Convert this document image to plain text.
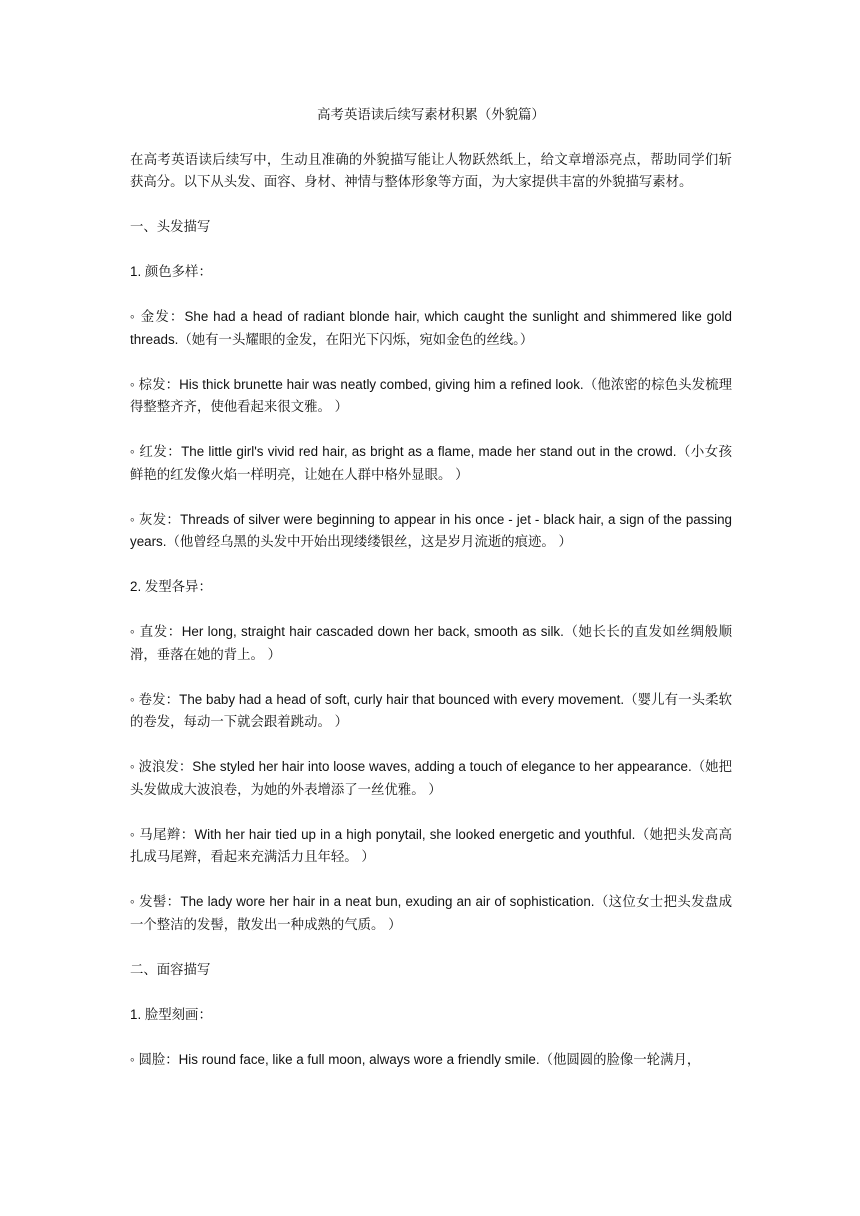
高考英语读后续写素材积累（外貌篇）
在高考英语读后续写中，生动且准确的外貌描写能让人物跃然纸上，给文章增添亮点，帮助同学们斩获高分。以下从头发、面容、身材、神情与整体形象等方面，为大家提供丰富的外貌描写素材。
一、头发描写
1. 颜色多样：
◦ 金发：She had a head of radiant blonde hair, which caught the sunlight and shimmered like gold threads.（她有一头耀眼的金发，在阳光下闪烁，宛如金色的丝线。）
◦ 棕发：His thick brunette hair was neatly combed, giving him a refined look.（他浓密的棕色头发梳理得整整齐齐，使他看起来很文雅。 ）
◦ 红发：The little girl's vivid red hair, as bright as a flame, made her stand out in the crowd.（小女孩鲜艳的红发像火焰一样明亮，让她在人群中格外显眼。 ）
◦ 灰发：Threads of silver were beginning to appear in his once - jet - black hair, a sign of the passing years.（他曾经乌黑的头发中开始出现缕缕银丝，这是岁月流逝的痕迹。 ）
2. 发型各异：
◦ 直发：Her long, straight hair cascaded down her back, smooth as silk.（她长长的直发如丝绸般顺滑，垂落在她的背上。 ）
◦ 卷发：The baby had a head of soft, curly hair that bounced with every movement.（婴儿有一头柔软的卷发，每动一下就会跟着跳动。 ）
◦ 波浪发：She styled her hair into loose waves, adding a touch of elegance to her appearance.（她把头发做成大波浪卷，为她的外表增添了一丝优雅。 ）
◦ 马尾辫：With her hair tied up in a high ponytail, she looked energetic and youthful.（她把头发高高扎成马尾辫，看起来充满活力且年轻。 ）
◦ 发髻：The lady wore her hair in a neat bun, exuding an air of sophistication.（这位女士把头发盘成一个整洁的发髻，散发出一种成熟的气质。 ）
二、面容描写
1. 脸型刻画：
◦ 圆脸：His round face, like a full moon, always wore a friendly smile.（他圆圆的脸像一轮满月，
